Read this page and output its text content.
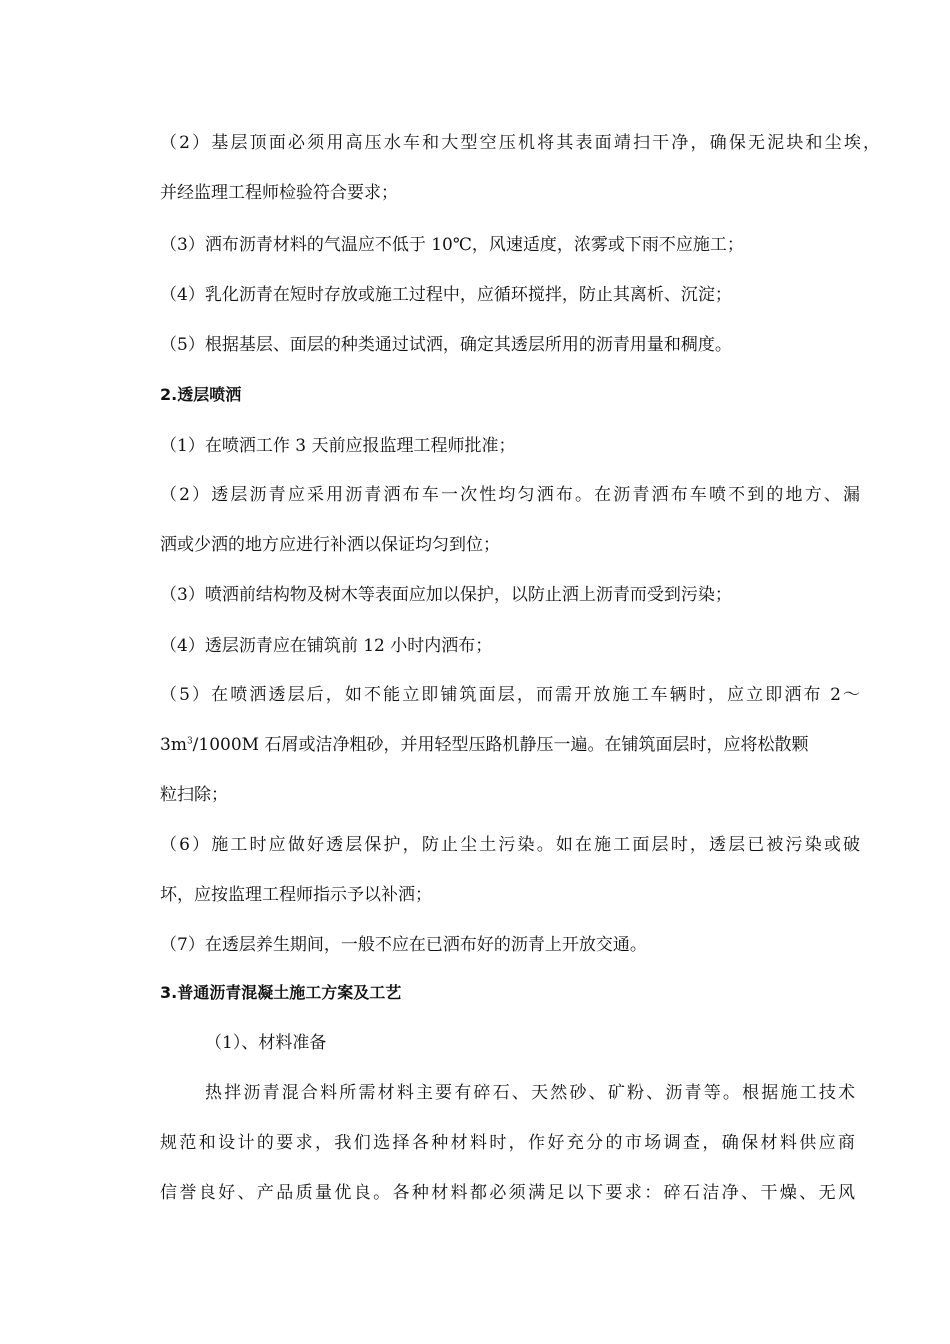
（2）基层顶面必须用高压水车和大型空压机将其表面靖扫干净，确保无泥块和尘埃，
并经监理工程师检验符合要求；
（3）洒布沥青材料的气温应不低于 10℃，风速适度，浓雾或下雨不应施工；
（4）乳化沥青在短时存放或施工过程中，应循环搅拌，防止其离析、沉淀；
（5）根据基层、面层的种类通过试洒，确定其透层所用的沥青用量和稠度。
2.透层喷洒
（1）在喷洒工作 3 天前应报监理工程师批准；
（2）透层沥青应采用沥青洒布车一次性均匀洒布。在沥青洒布车喷不到的地方、漏
洒或少洒的地方应进行补洒以保证均匀到位；
（3）喷洒前结构物及树木等表面应加以保护，以防止洒上沥青而受到污染；
（4）透层沥青应在铺筑前 12 小时内洒布；
（5）在喷洒透层后，如不能立即铺筑面层，而需开放施工车辆时，应立即洒布 2～
$3m^3/1000M$ 石屑或洁净粗砂，并用轻型压路机静压一遍。在铺筑面层时，应将松散颗
粒扫除；
（6）施工时应做好透层保护，防止尘土污染。如在施工面层时，透层已被污染或破
坏，应按监理工程师指示予以补洒；
（7）在透层养生期间，一般不应在已洒布好的沥青上开放交通。
3.普通沥青混凝土施工方案及工艺
（1）、材料准备
热拌沥青混合料所需材料主要有碎石、天然砂、矿粉、沥青等。根据施工技术
规范和设计的要求，我们选择各种材料时，作好充分的市场调查，确保材料供应商
信誉良好、产品质量优良。各种材料都必须满足以下要求：碎石洁净、干燥、无风
